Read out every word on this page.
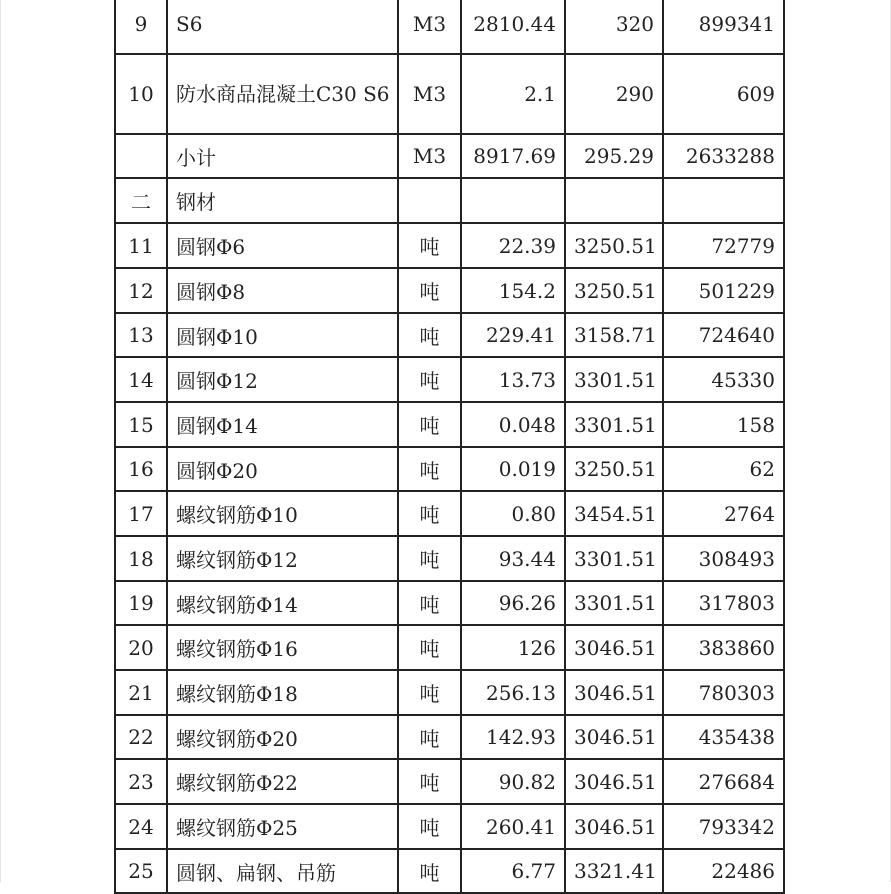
9	S6	M3	2810.44	320	899341
10	防水商品混凝土C30 S6	M3	2.1	290	609
	小计	M3	8917.69	295.29	2633288
二	钢材				
11	圆钢Φ6	吨	22.39	3250.51	72779
12	圆钢Φ8	吨	154.2	3250.51	501229
13	圆钢Φ10	吨	229.41	3158.71	724640
14	圆钢Φ12	吨	13.73	3301.51	45330
15	圆钢Φ14	吨	0.048	3301.51	158
16	圆钢Φ20	吨	0.019	3250.51	62
17	螺纹钢筋Φ10	吨	0.80	3454.51	2764
18	螺纹钢筋Φ12	吨	93.44	3301.51	308493
19	螺纹钢筋Φ14	吨	96.26	3301.51	317803
20	螺纹钢筋Φ16	吨	126	3046.51	383860
21	螺纹钢筋Φ18	吨	256.13	3046.51	780303
22	螺纹钢筋Φ20	吨	142.93	3046.51	435438
23	螺纹钢筋Φ22	吨	90.82	3046.51	276684
24	螺纹钢筋Φ25	吨	260.41	3046.51	793342
25	圆钢、扁钢、吊筋	吨	6.77	3321.41	22486
